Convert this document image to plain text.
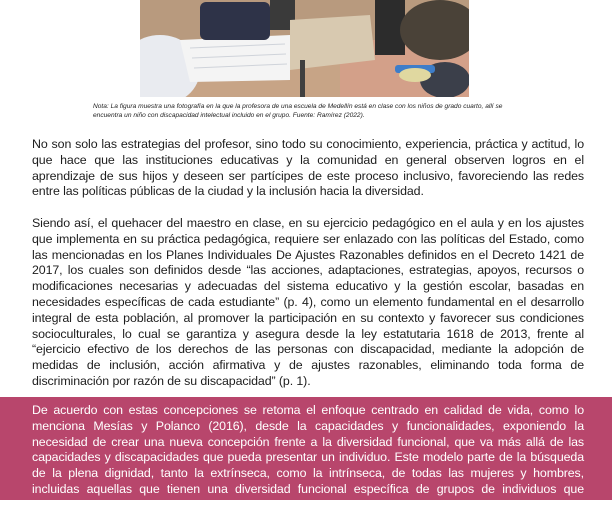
Nota: La figura muestra una fotografía en la que la profesora de una escuela de Medellín está en clase con los niños de grado cuarto, allí se encuentra un niño con discapacidad intelectual incluido en el grupo. Fuente: Ramírez (2022).

No son solo las estrategias del profesor, sino todo su conocimiento, experiencia, práctica y actitud, lo que hace que las instituciones educativas y la comunidad en general observen logros en el aprendizaje de sus hijos y deseen ser partícipes de este proceso inclusivo, favoreciendo las redes entre las políticas públicas de la ciudad y la inclusión hacia la diversidad.

Siendo así, el quehacer del maestro en clase, en su ejercicio pedagógico en el aula y en los ajustes que implementa en su práctica pedagógica, requiere ser enlazado con las políticas del Estado, como las mencionadas en los Planes Individuales De Ajustes Razonables definidos en el Decreto 1421 de 2017, los cuales son definidos desde “las acciones, adaptaciones, estrategias, apoyos, recursos o modificaciones necesarias y adecuadas del sistema educativo y la gestión escolar, basadas en necesidades específicas de cada estudiante” (p. 4), como un elemento fundamental en el desarrollo integral de esta población, al promover la participación en su contexto y favorecer sus condiciones socioculturales, lo cual se garantiza y asegura desde la ley estatutaria 1618 de 2013, frente al “ejercicio efectivo de los derechos de las personas con discapacidad, mediante la adopción de medidas de inclusión, acción afirmativa y de ajustes razonables, eliminando toda forma de discriminación por razón de su discapacidad” (p. 1).

De acuerdo con estas concepciones se retoma el enfoque centrado en calidad de vida, como lo menciona Mesías y Polanco (2016), desde la capacidades y funcionalidades, exponiendo la necesidad de crear una nueva concepción frente a la diversidad funcional, que va más allá de las capacidades y discapacidades que pueda presentar un individuo. Este modelo parte de la búsqueda de la plena dignidad, tanto la extrínseca, como la intrínseca, de todas las mujeres y hombres, incluidas aquellas que tienen una diversidad funcional específica de grupos de individuos que podemos agrupar y
